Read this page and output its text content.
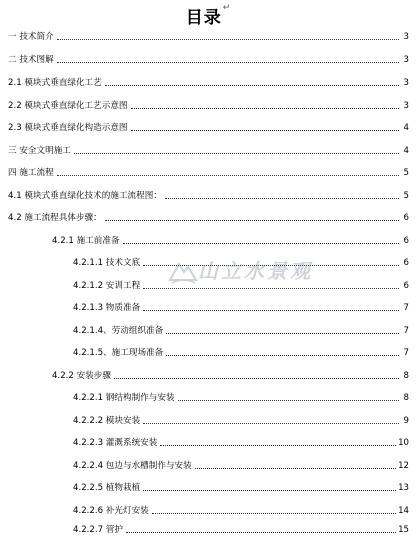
目录↵
一 技术简介	3
二 技术图解	3
2.1 模块式垂直绿化工艺	3
2.2 模块式垂直绿化工艺示意图	3
2.3 模块式垂直绿化构造示意图	4
三 安全文明施工	4
四 施工流程	5
4.1 模块式垂直绿化技术的施工流程图：	5
4.2 施工流程具体步骤：	6
4.2.1 施工前准备	6
4.2.1.1 技术文底	6
4.2.1.2 安训工程	6
4.2.1.3 物质准备	7
4.2.1.4、劳动组织准备	7
4.2.1.5、施工现场准备	7
4.2.2 安装步骤	8
4.2.2.1 钢结构制作与安装	8
4.2.2.2 模块安装	9
4.2.2.3 灌溉系统安装	10
4.2.2.4 包边与水槽制作与安装	12
4.2.2.5 植物栽植	13
4.2.2.6 补光灯安装	14
4.2.2.7 管护	15
山立水景观
